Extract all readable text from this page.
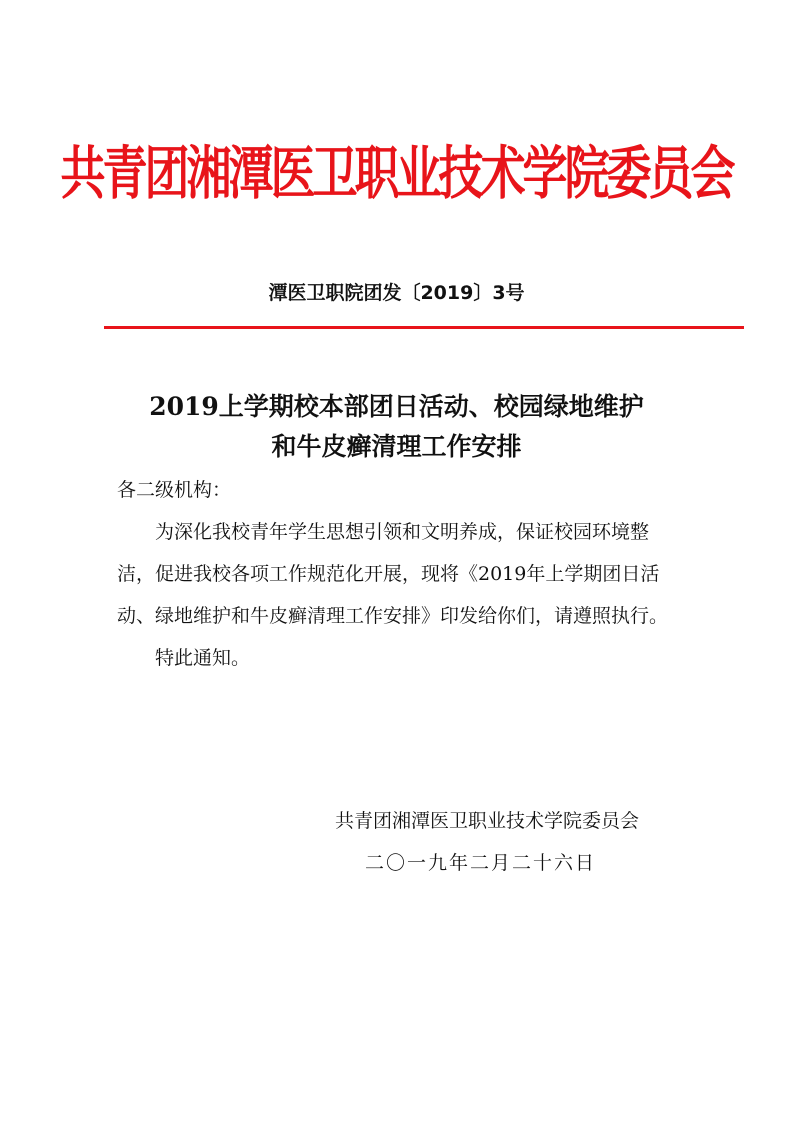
共青团湘潭医卫职业技术学院委员会
潭医卫职院团发〔2019〕3号
2019上学期校本部团日活动、校园绿地维护
和牛皮癣清理工作安排

各二级机构：

为深化我校青年学生思想引领和文明养成，保证校园环境整洁，促进我校各项工作规范化开展，现将《2019年上学期团日活动、绿地维护和牛皮癣清理工作安排》印发给你们，请遵照执行。

特此通知。

共青团湘潭医卫职业技术学院委员会
二〇一九年二月二十六日
